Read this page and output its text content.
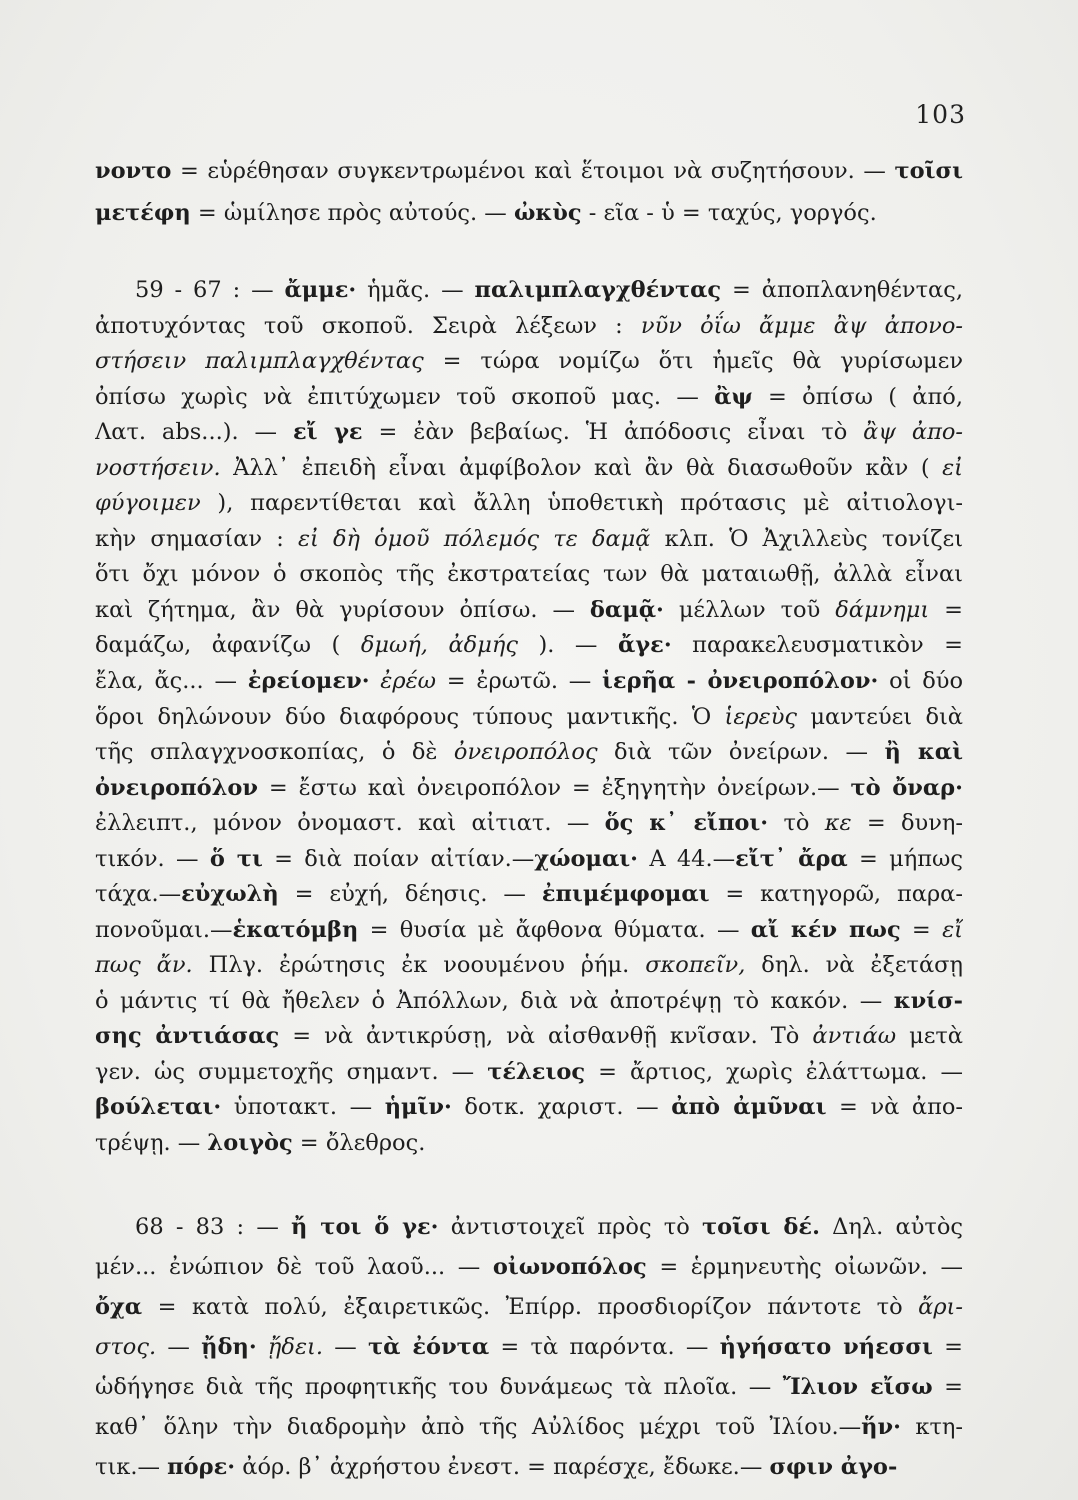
103
νοντο = εὑρέθησαν συγκεντρωμένοι καὶ ἕτοιμοι νὰ συζητήσουν. — τοῖσι
μετέφη = ὡμίλησε πρὸς αὐτούς. — ὠκὺς - εῖα - ὑ = ταχύς, γοργός.
59 - 67 : — ἄμμε· ἡμᾶς. — παλιμπλαγχθέντας = ἀποπλανηθέντας,
ἀποτυχόντας τοῦ σκοποῦ. Σειρὰ λέξεων : νῦν ὀΐω ἄμμε ἂψ ἀπονο-
στήσειν παλιμπλαγχθέντας = τώρα νομίζω ὅτι ἡμεῖς θὰ γυρίσωμεν
ὀπίσω χωρὶς νὰ ἐπιτύχωμεν τοῦ σκοποῦ μας. — ἂψ = ὀπίσω ( ἀπό,
Λατ. abs...). — εἴ γε = ἐὰν βεβαίως. Ἡ ἀπόδοσις εἶναι τὸ ἂψ ἀπο-
νοστήσειν. Ἀλλ᾿ ἐπειδὴ εἶναι ἀμφίβολον καὶ ἂν θὰ διασωθοῦν κἂν ( εἰ
φύγοιμεν ), παρεντίθεται καὶ ἄλλη ὑποθετικὴ πρότασις μὲ αἰτιολογι-
κὴν σημασίαν : εἰ δὴ ὁμοῦ πόλεμός τε δαμᾷ κλπ. Ὁ Ἀχιλλεὺς τονίζει
ὅτι ὄχι μόνον ὁ σκοπὸς τῆς ἐκστρατείας των θὰ ματαιωθῇ, ἀλλὰ εἶναι
καὶ ζήτημα, ἂν θὰ γυρίσουν ὀπίσω. — δαμᾷ· μέλλων τοῦ δάμνημι =
δαμάζω, ἀφανίζω ( δμωή, ἀδμής ). — ἄγε· παρακελευσματικὸν =
ἔλα, ἄς... — ἐρείομεν· ἐρέω = ἐρωτῶ. — ἱερῆα - ὀνειροπόλον· οἱ δύο
ὅροι δηλώνουν δύο διαφόρους τύπους μαντικῆς. Ὁ ἱερεὺς μαντεύει διὰ
τῆς σπλαγχνοσκοπίας, ὁ δὲ ὀνειροπόλος διὰ τῶν ὀνείρων. — ἢ καὶ
ὀνειροπόλον = ἔστω καὶ ὀνειροπόλον = ἐξηγητὴν ὀνείρων.— τὸ ὄναρ·
ἐλλειπτ., μόνον ὀνομαστ. καὶ αἰτιατ. — ὅς κ᾿ εἴποι· τὸ κε = δυνη-
τικόν. — ὅ τι = διὰ ποίαν αἰτίαν.—χώομαι· Α 44.—εἴτ᾿ ἄρα = μήπως
τάχα.—εὐχωλὴ = εὐχή, δέησις. — ἐπιμέμφομαι = κατηγορῶ, παρα-
πονοῦμαι.—ἑκατόμβη = θυσία μὲ ἄφθονα θύματα. — αἴ κέν πως = εἴ
πως ἄν. Πλγ. ἐρώτησις ἐκ νοουμένου ῥήμ. σκοπεῖν, δηλ. νὰ ἐξετάσῃ
ὁ μάντις τί θὰ ἤθελεν ὁ Ἀπόλλων, διὰ νὰ ἀποτρέψῃ τὸ κακόν. — κνίσ-
σης ἀντιάσας = νὰ ἀντικρύσῃ, νὰ αἰσθανθῇ κνῖσαν. Τὸ ἀντιάω μετὰ
γεν. ὡς συμμετοχῆς σημαντ. — τέλειος = ἄρτιος, χωρὶς ἐλάττωμα. —
βούλεται· ὑποτακτ. — ἡμῖν· δοτκ. χαριστ. — ἀπὸ ἀμῦναι = νὰ ἀπο-
τρέψῃ. — λοιγὸς = ὄλεθρος.
68 - 83 : — ἤ τοι ὅ γε· ἀντιστοιχεῖ πρὸς τὸ τοῖσι δέ. Δηλ. αὐτὸς
μέν... ἐνώπιον δὲ τοῦ λαοῦ... — οἰωνοπόλος = ἑρμηνευτὴς οἰωνῶν. —
ὄχα = κατὰ πολύ, ἐξαιρετικῶς. Ἐπίρρ. προσδιορίζον πάντοτε τὸ ἄρι-
στος. — ᾔδη· ᾔδει. — τὰ ἐόντα = τὰ παρόντα. — ἡγήσατο νήεσσι =
ὡδήγησε διὰ τῆς προφητικῆς του δυνάμεως τὰ πλοῖα. — Ἴλιον εἴσω =
καθ᾿ ὅλην τὴν διαδρομὴν ἀπὸ τῆς Αὐλίδος μέχρι τοῦ Ἰλίου.—ἥν· κτη-
τικ.— πόρε· ἀόρ. β᾿ ἀχρήστου ἐνεστ. = παρέσχε, ἔδωκε.— σφιν ἀγο-
